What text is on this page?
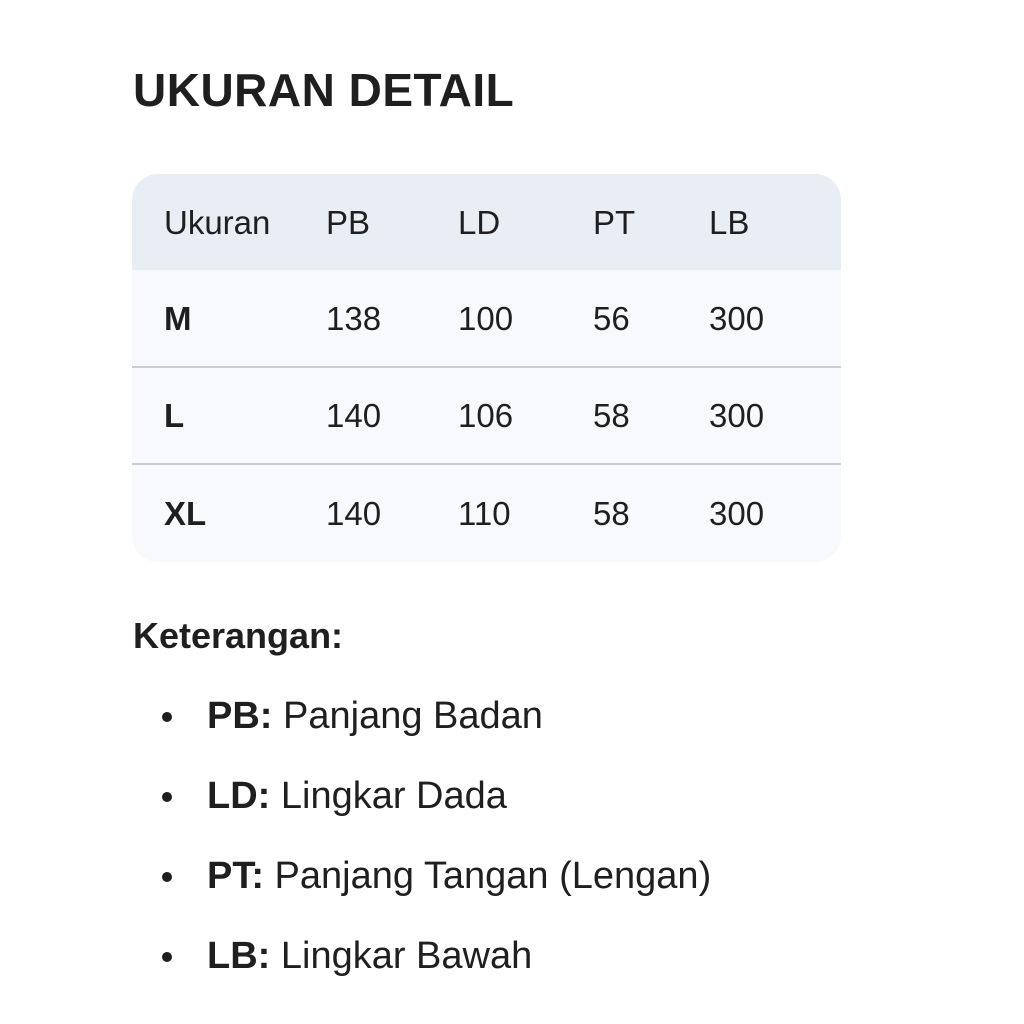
UKURAN DETAIL
Ukuran	PB	LD	PT	LB
M	138	100	56	300
L	140	106	58	300
XL	140	110	58	300
Keterangan:
PB: Panjang Badan
LD: Lingkar Dada
PT: Panjang Tangan (Lengan)
LB: Lingkar Bawah
